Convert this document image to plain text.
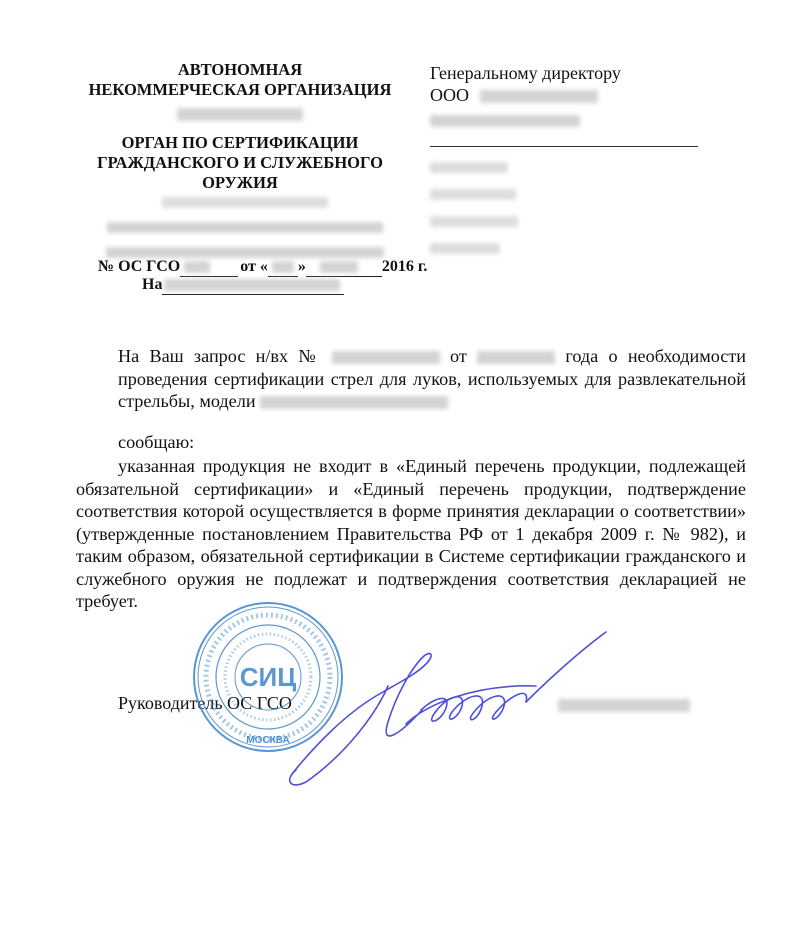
АВТОНОМНАЯ
НЕКОММЕРЧЕСКАЯ ОРГАНИЗАЦИЯ
ОРГАН ПО СЕРТИФИКАЦИИ
ГРАЖДАНСКОГО И СЛУЖЕБНОГО
ОРУЖИЯ
№ ОС ГСО	от « »	2016 г.
На
Генеральному директору
ООО
На Ваш запрос н/вх №	от	года о необходимости проведения сертификации стрел для луков, используемых для развлекательной стрельбы, модели
сообщаю:
указанная продукция не входит в «Единый перечень продукции, подлежащей обязательной сертификации» и «Единый перечень продукции, подтверждение соответствия которой осуществляется в форме принятия декларации о соответствии» (утвержденные постановлением Правительства РФ от 1 декабря 2009 г. № 982), и таким образом, обязательной сертификации в Системе сертификации гражданского и служебного оружия не подлежат и подтверждения соответствия декларацией не требует.
Руководитель ОС ГСО
СИЦ
МОСКВА
